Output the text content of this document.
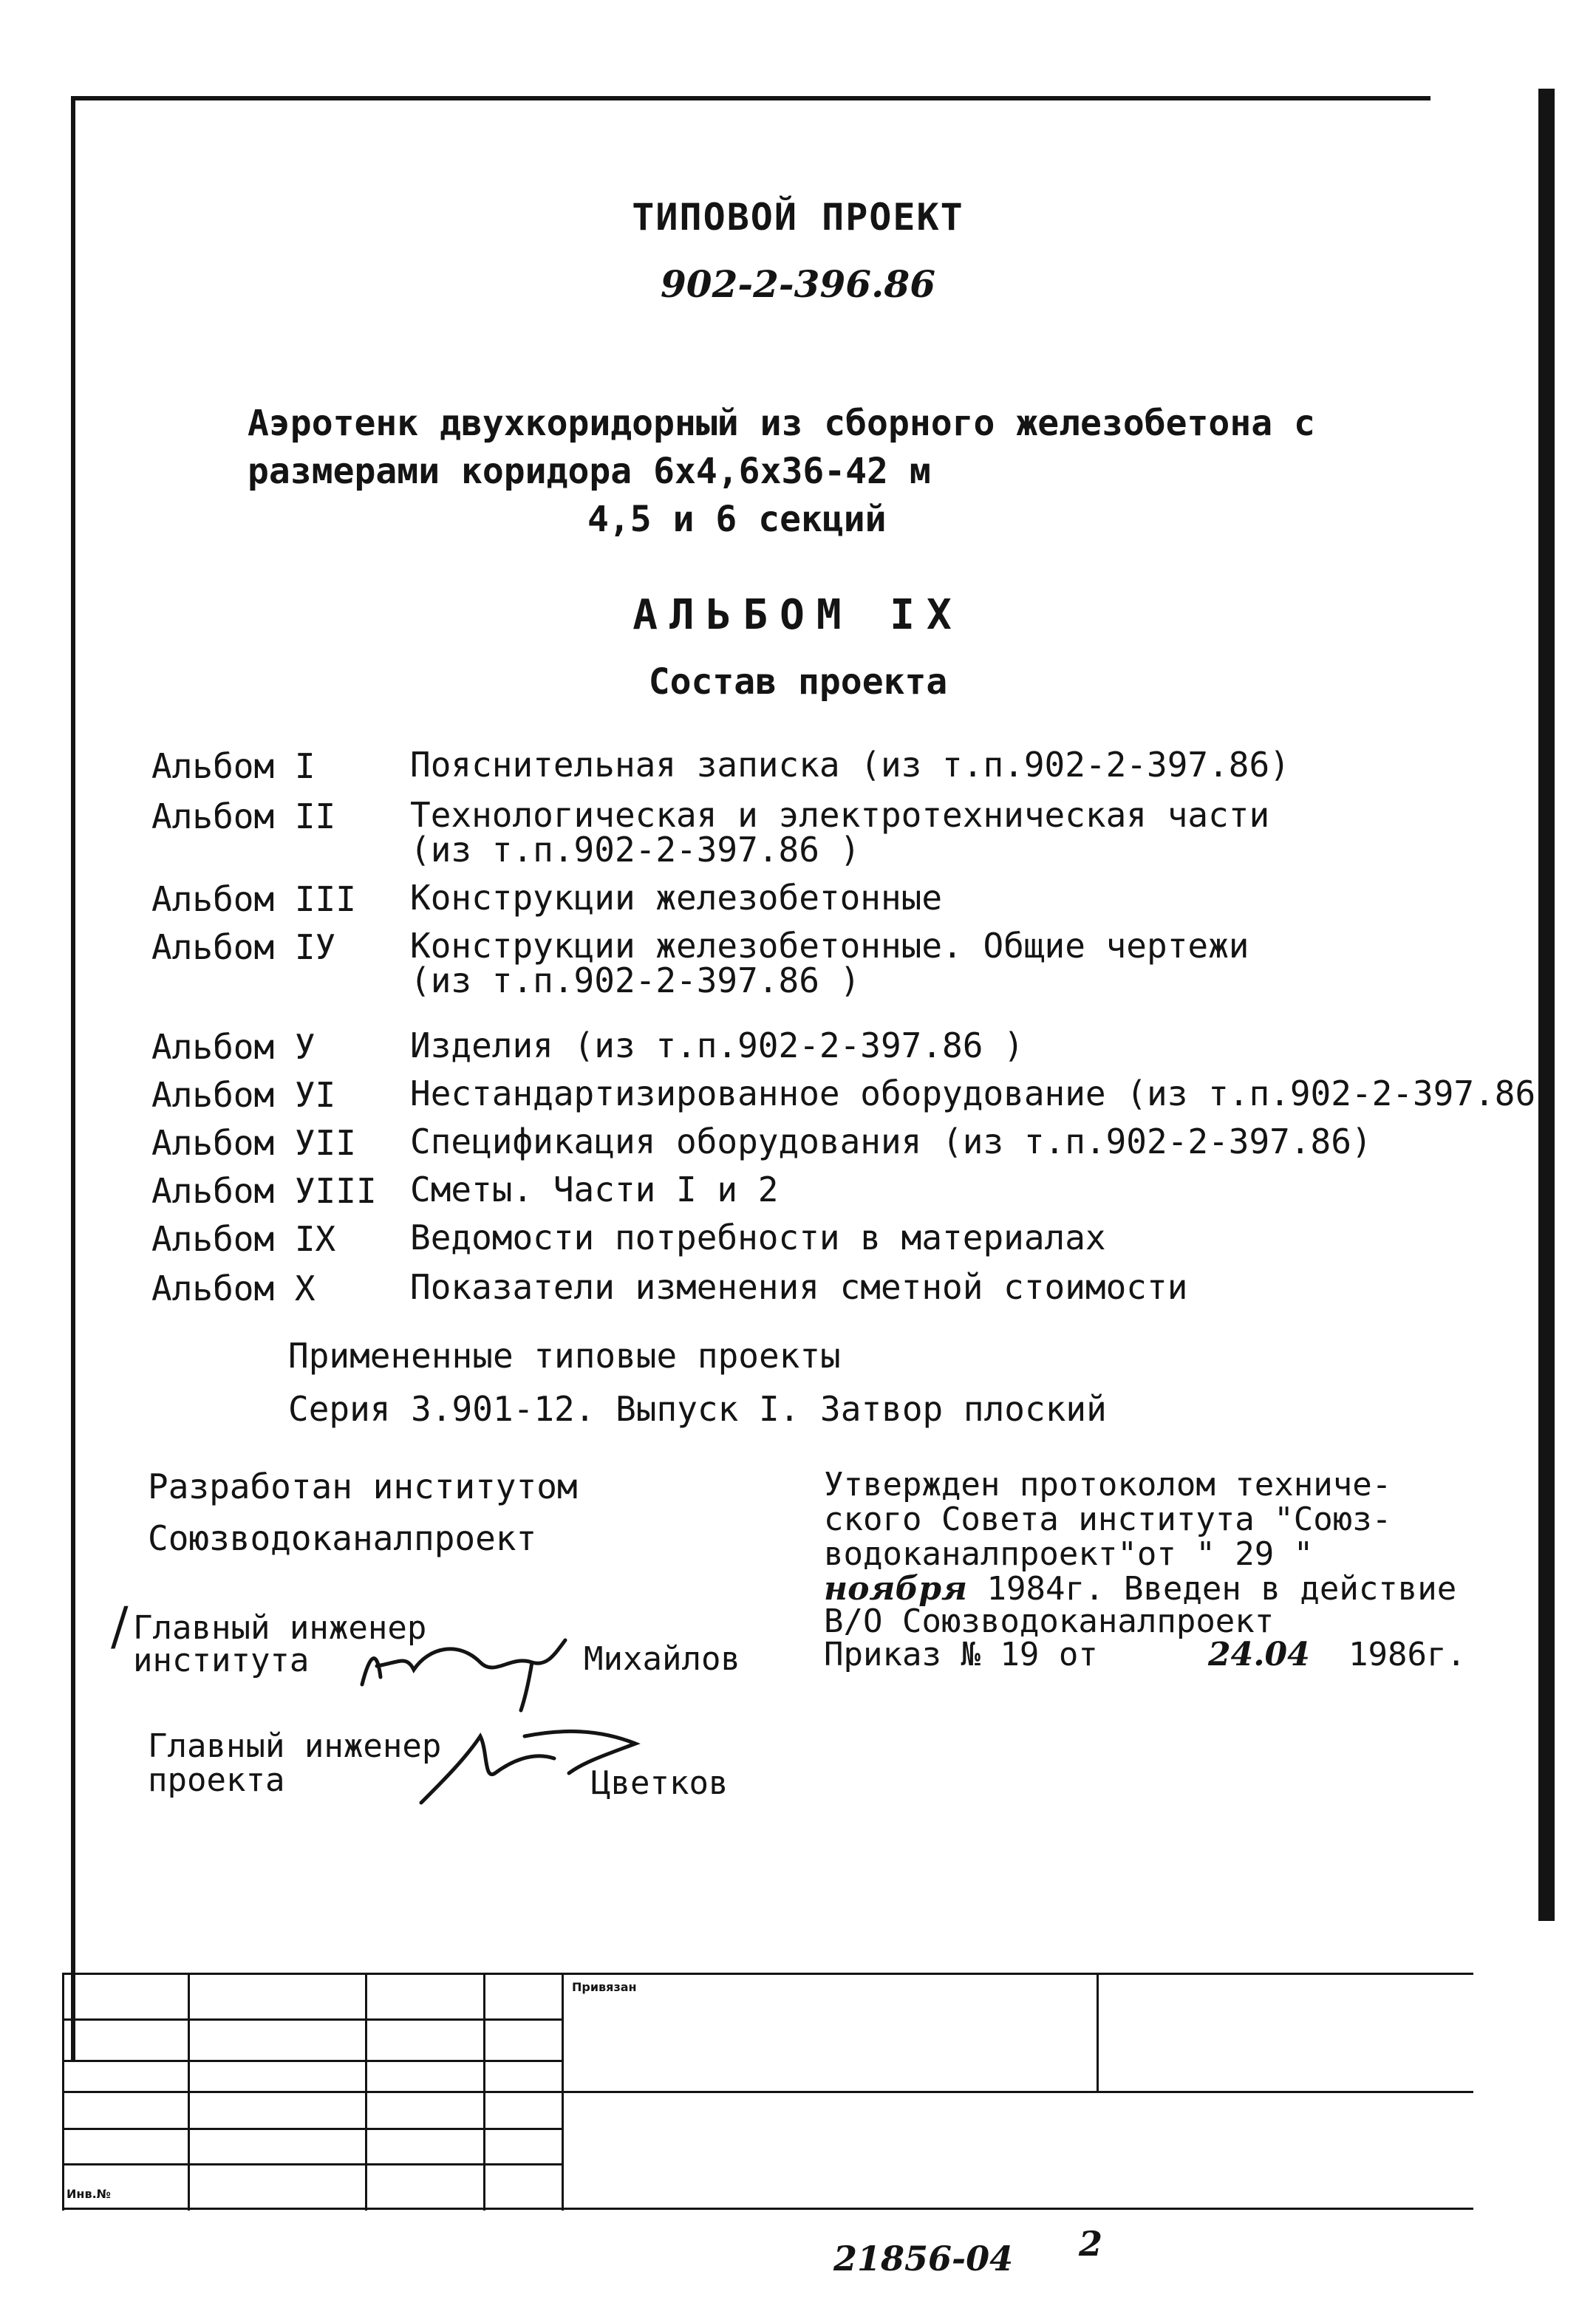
ТИПОВОЙ ПРОЕКТ
902-2-396.86
Аэротенк двухкоридорный из сборного железобетона с
размерами коридора 6х4,6х36-42 м
4,5 и 6 секций
АЛЬБОМ IX
Состав проекта
Альбом I	Пояснительная записка (из т.п.902-2-397.86)
Альбом II Технологическая и электротехническая части
(из т.п.902-2-397.86 )
Альбом III Конструкции железобетонные
Альбом IУ Конструкции железобетонные. Общие чертежи
(из т.п.902-2-397.86 )
Альбом У	Изделия (из т.п.902-2-397.86 )
Альбом УI Нестандартизированное оборудование (из т.п.902-2-397.86)
Альбом УII Спецификация оборудования (из т.п.902-2-397.86)
Альбом УIII Сметы. Части I и 2
Альбом IX Ведомости потребности в материалах
Альбом X	Показатели изменения сметной стоимости
Примененные типовые проекты
Серия 3.901-12. Выпуск I. Затвор плоский
Разработан институтом
Союзводоканалпроект
Утвержден протоколом техниче-
ского Совета института "Союз-
водоканалпроект"от " 29 "
ноября 1984г. Введен в действие
В/О Союзводоканалпроект
Приказ № 19 от	24.04 1986г.
/ Главный инженер
института	Михайлов
Главный инженер
проекта	Цветков
Привязан
Инв.№
21856-04 2
